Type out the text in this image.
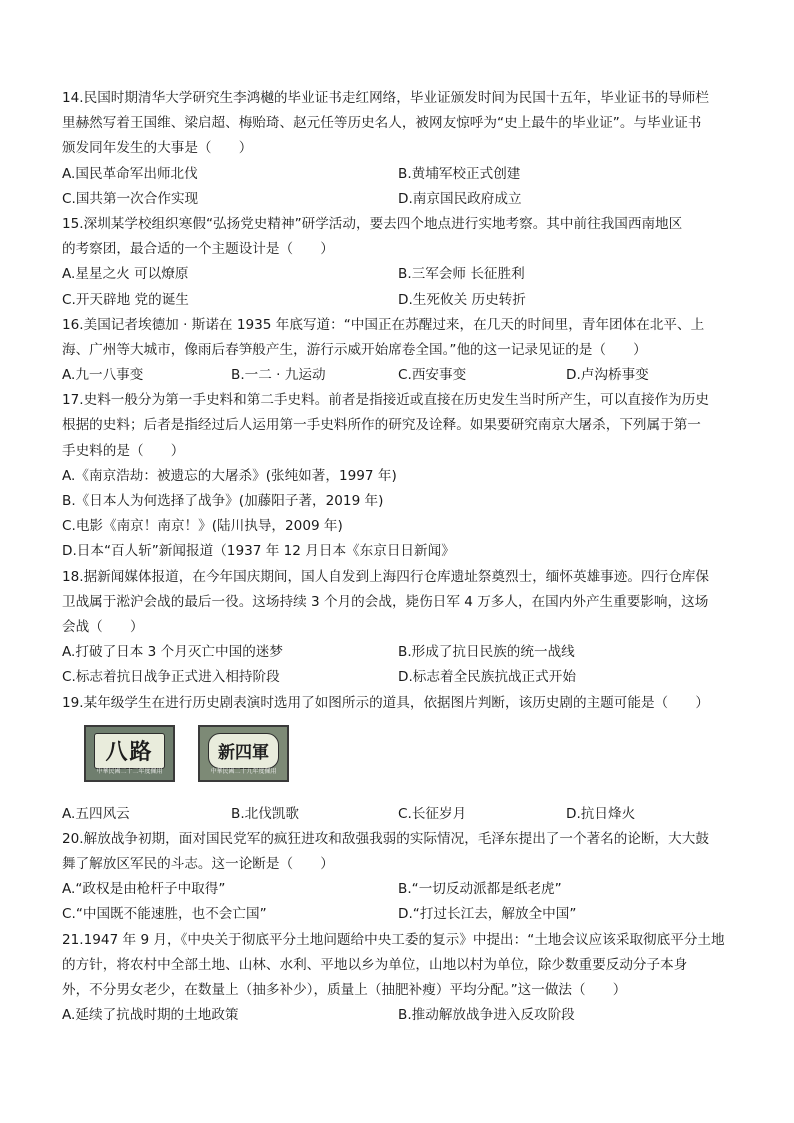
14.民国时期清华大学研究生李鸿樾的毕业证书走红网络，毕业证颁发时间为民国十五年，毕业证书的导师栏
里赫然写着王国维、梁启超、梅贻琦、赵元任等历史名人，被网友惊呼为“史上最牛的毕业证”。与毕业证书
颁发同年发生的大事是（　　）
A.国民革命军出师北伐	B.黄埔军校正式创建
C.国共第一次合作实现	D.南京国民政府成立
15.深圳某学校组织寒假“弘扬党史精神”研学活动，要去四个地点进行实地考察。其中前往我国西南地区
的考察团，最合适的一个主题设计是（　　）
A.星星之火 可以燎原	B.三军会师 长征胜利
C.开天辟地 党的诞生	D.生死攸关 历史转折
16.美国记者埃德加 · 斯诺在 1935 年底写道：“中国正在苏醒过来，在几天的时间里，青年团体在北平、上
海、广州等大城市，像雨后春笋般产生，游行示威开始席卷全国。”他的这一记录见证的是（　　）
A.九一八事变	B.一二 · 九运动	C.西安事变	D.卢沟桥事变
17.史料一般分为第一手史料和第二手史料。前者是指接近或直接在历史发生当时所产生，可以直接作为历史
根据的史料；后者是指经过后人运用第一手史料所作的研究及诠释。如果要研究南京大屠杀，下列属于第一
手史料的是（　　）
A.《南京浩劫：被遗忘的大屠杀》(张纯如著，1997 年)
B.《日本人为何选择了战争》(加藤阳子著，2019 年)
C.电影《南京！南京！》(陆川执导，2009 年)
D.日本“百人斩”新闻报道（1937 年 12 月日本《东京日日新闻》
18.据新闻媒体报道，在今年国庆期间，国人自发到上海四行仓库遗址祭奠烈士，缅怀英雄事迹。四行仓库保
卫战属于淞沪会战的最后一役。这场持续 3 个月的会战，毙伤日军 4 万多人，在国内外产生重要影响，这场
会战（　　）
A.打破了日本 3 个月灭亡中国的迷梦	B.形成了抗日民族的统一战线
C.标志着抗日战争正式进入相持阶段	D.标志着全民族抗战正式开始
19.某年级学生在进行历史剧表演时选用了如图所示的道具，依据图片判断，该历史剧的主题可能是（　　）
八路
中華民國二十二年度佩用
新四軍
中華民國二十九年度佩用
A.五四风云	B.北伐凯歌	C.长征岁月	D.抗日烽火
20.解放战争初期，面对国民党军的疯狂进攻和敌强我弱的实际情况，毛泽东提出了一个著名的论断，大大鼓
舞了解放区军民的斗志。这一论断是（　　）
A.“政权是由枪杆子中取得”	B.“一切反动派都是纸老虎”
C.“中国既不能速胜，也不会亡国”	D.“打过长江去，解放全中国”
21.1947 年 9 月，《中央关于彻底平分土地问题给中央工委的复示》中提出：“土地会议应该采取彻底平分土地
的方针，将农村中全部土地、山林、水利、平地以乡为单位，山地以村为单位，除少数重要反动分子本身
外，不分男女老少，在数量上（抽多补少），质量上（抽肥补瘦）平均分配。”这一做法（　　）
A.延续了抗战时期的土地政策	B.推动解放战争进入反攻阶段
